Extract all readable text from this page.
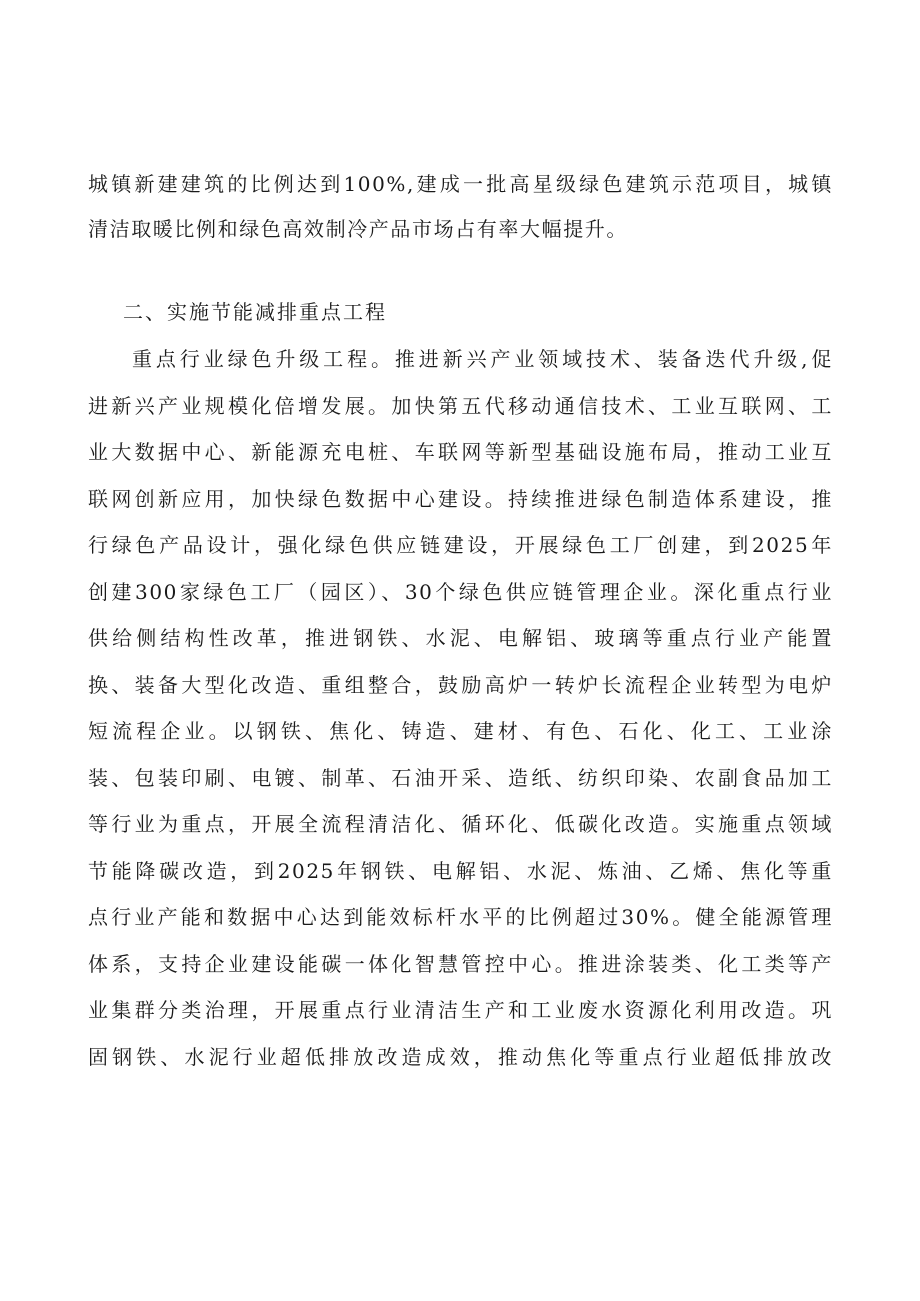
城镇新建建筑的比例达到100%,建成一批高星级绿色建筑示范项目，城镇
清洁取暖比例和绿色高效制冷产品市场占有率大幅提升。
二、实施节能减排重点工程
重点行业绿色升级工程。推进新兴产业领域技术、装备迭代升级,促
进新兴产业规模化倍增发展。加快第五代移动通信技术、工业互联网、工
业大数据中心、新能源充电桩、车联网等新型基础设施布局，推动工业互
联网创新应用，加快绿色数据中心建设。持续推进绿色制造体系建设，推
行绿色产品设计，强化绿色供应链建设，开展绿色工厂创建，到2025年
创建300家绿色工厂（园区）、30个绿色供应链管理企业。深化重点行业
供给侧结构性改革，推进钢铁、水泥、电解铝、玻璃等重点行业产能置
换、装备大型化改造、重组整合，鼓励高炉一转炉长流程企业转型为电炉
短流程企业。以钢铁、焦化、铸造、建材、有色、石化、化工、工业涂
装、包装印刷、电镀、制革、石油开采、造纸、纺织印染、农副食品加工
等行业为重点，开展全流程清洁化、循环化、低碳化改造。实施重点领域
节能降碳改造，到2025年钢铁、电解铝、水泥、炼油、乙烯、焦化等重
点行业产能和数据中心达到能效标杆水平的比例超过30%。健全能源管理
体系，支持企业建设能碳一体化智慧管控中心。推进涂装类、化工类等产
业集群分类治理，开展重点行业清洁生产和工业废水资源化利用改造。巩
固钢铁、水泥行业超低排放改造成效，推动焦化等重点行业超低排放改
